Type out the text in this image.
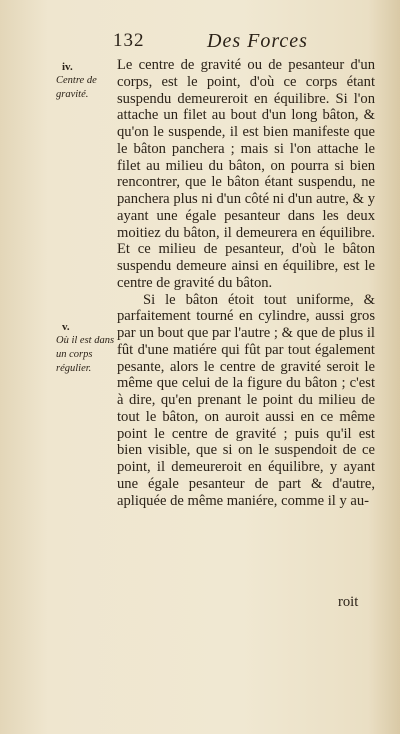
132	Des Forces
iv.
Centre de gravité.
v.
Où il est dans un corps régulier.

Le centre de gravité ou de pesanteur d'un corps, est le point, d'où ce corps étant suspendu demeureroit en équilibre. Si l'on attache un filet au bout d'un long bâton, & qu'on le suspende, il est bien manifeste que le bâton panchera ; mais si l'on attache le filet au milieu du bâton, on pourra si bien rencontrer, que le bâton étant suspendu, ne panchera plus ni d'un côté ni d'un autre, & y ayant une égale pesanteur dans les deux moitiez du bâton, il demeurera en équilibre. Et ce milieu de pesanteur, d'où le bâton suspendu demeure ainsi en équilibre, est le centre de gravité du bâton.

Si le bâton étoit tout uniforme, & parfaitement tourné en cylindre, aussi gros par un bout que par l'autre ; & que de plus il fût d'une matiére qui fût par tout également pesante, alors le centre de gravité seroit le même que celui de la figure du bâton ; c'est à dire, qu'en prenant le point du milieu de tout le bâton, on auroit aussi en ce même point le centre de gravité ; puis qu'il est bien visible, que si on le suspendoit de ce point, il demeureroit en équilibre, y ayant une égale pesanteur de part & d'autre, apliquée de même maniére, comme il y au-

roit
